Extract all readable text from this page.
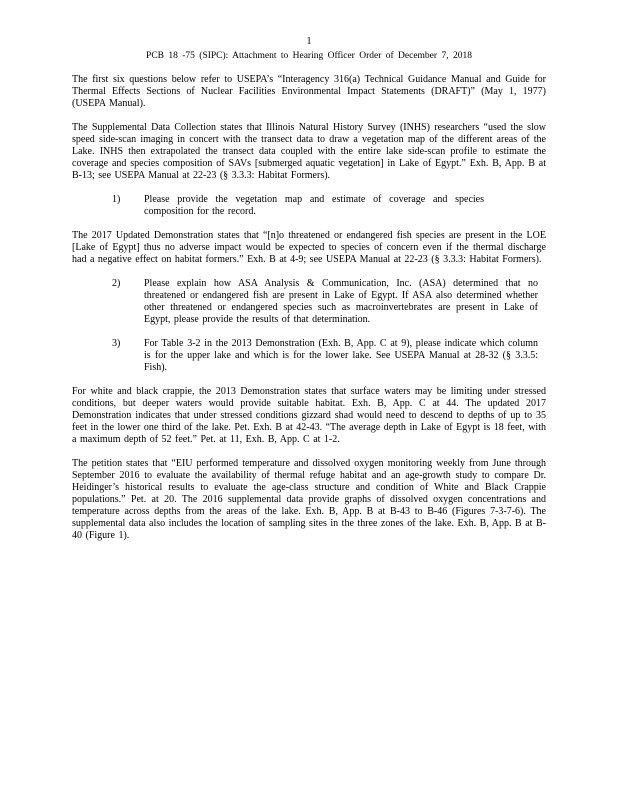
1
PCB 18 -75 (SIPC): Attachment to Hearing Officer Order of December 7, 2018

The first six questions below refer to USEPA’s “Interagency 316(a) Technical Guidance Manual and Guide for Thermal Effects Sections of Nuclear Facilities Environmental Impact Statements (DRAFT)” (May 1, 1977) (USEPA Manual).

The Supplemental Data Collection states that Illinois Natural History Survey (INHS) researchers “used the slow speed side-scan imaging in concert with the transect data to draw a vegetation map of the different areas of the Lake. INHS then extrapolated the transect data coupled with the entire lake side-scan profile to estimate the coverage and species composition of SAVs [submerged aquatic vegetation] in Lake of Egypt.” Exh. B, App. B at B-13; see USEPA Manual at 22-23 (§ 3.3.3: Habitat Formers).

1)	Please provide the vegetation map and estimate of coverage and species composition for the record.

The 2017 Updated Demonstration states that “[n]o threatened or endangered fish species are present in the LOE [Lake of Egypt] thus no adverse impact would be expected to species of concern even if the thermal discharge had a negative effect on habitat formers.” Exh. B at 4-9; see USEPA Manual at 22-23 (§ 3.3.3: Habitat Formers).

2)	Please explain how ASA Analysis & Communication, Inc. (ASA) determined that no threatened or endangered fish are present in Lake of Egypt. If ASA also determined whether other threatened or endangered species such as macroinvertebrates are present in Lake of Egypt, please provide the results of that determination.
3)	For Table 3-2 in the 2013 Demonstration (Exh. B, App. C at 9), please indicate which column is for the upper lake and which is for the lower lake. See USEPA Manual at 28-32 (§ 3.3.5: Fish).

For white and black crappie, the 2013 Demonstration states that surface waters may be limiting under stressed conditions, but deeper waters would provide suitable habitat. Exh. B, App. C at 44. The updated 2017 Demonstration indicates that under stressed conditions gizzard shad would need to descend to depths of up to 35 feet in the lower one third of the lake. Pet. Exh. B at 42-43. “The average depth in Lake of Egypt is 18 feet, with a maximum depth of 52 feet.” Pet. at 11, Exh. B, App. C at 1-2.

The petition states that “EIU performed temperature and dissolved oxygen monitoring weekly from June through September 2016 to evaluate the availability of thermal refuge habitat and an age-growth study to compare Dr. Heidinger’s historical results to evaluate the age-class structure and condition of White and Black Crappie populations.” Pet. at 20. The 2016 supplemental data provide graphs of dissolved oxygen concentrations and temperature across depths from the areas of the lake. Exh. B, App. B at B-43 to B-46 (Figures 7-3-7-6). The supplemental data also includes the location of sampling sites in the three zones of the lake. Exh. B, App. B at B-40 (Figure 1).
